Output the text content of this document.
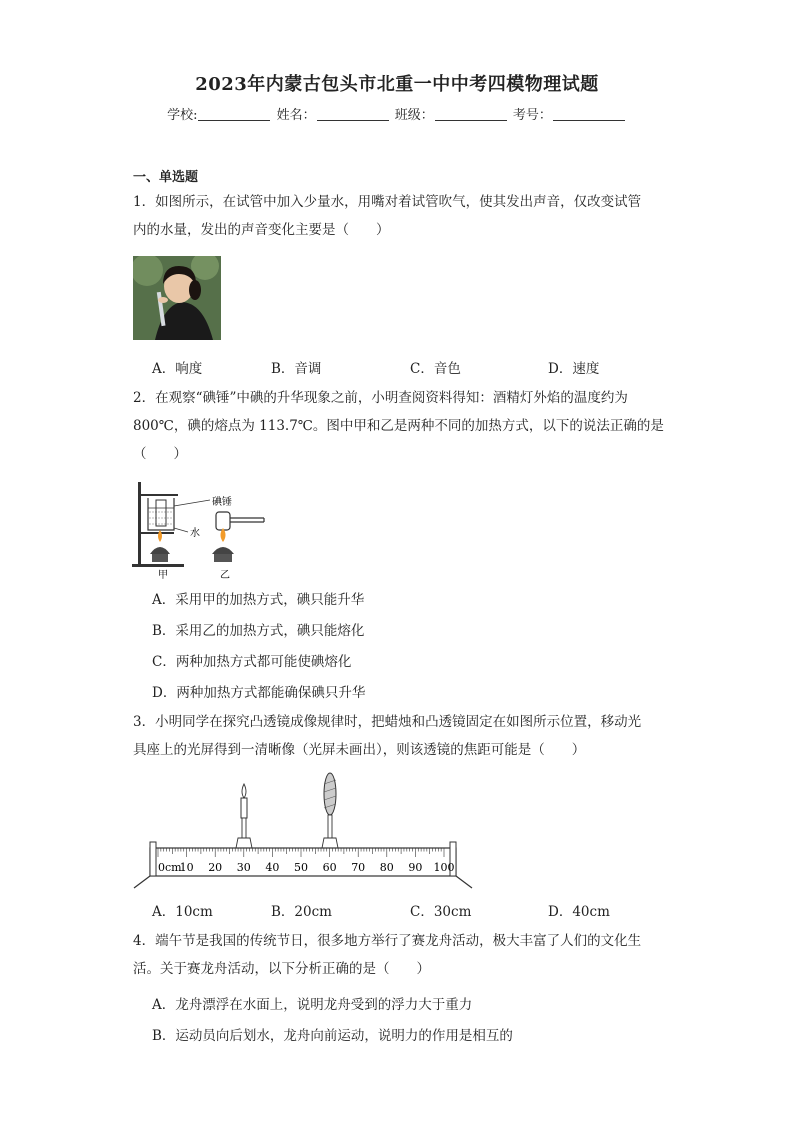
2023年内蒙古包头市北重一中中考四模物理试题
学校:	姓名：	班级：	考号：
一、单选题
1．如图所示，在试管中加入少量水，用嘴对着试管吹气，使其发出声音，仅改变试管
内的水量，发出的声音变化主要是（　　）
A．响度	B．音调	C．音色	D．速度
2．在观察“碘锤”中碘的升华现象之前，小明查阅资料得知：酒精灯外焰的温度约为
800℃，碘的熔点为 113.7℃。图中甲和乙是两种不同的加热方式，以下的说法正确的是
（　　）
碘锤
水
甲	乙
A．采用甲的加热方式，碘只能升华
B．采用乙的加热方式，碘只能熔化
C．两种加热方式都可能使碘熔化
D．两种加热方式都能确保碘只升华
3．小明同学在探究凸透镜成像规律时，把蜡烛和凸透镜固定在如图所示位置，移动光
具座上的光屏得到一清晰像（光屏未画出），则该透镜的焦距可能是（　　）
0cm
10 20 30 40 50 60 70 80 90 100
A．10cm	B．20cm	C．30cm	D．40cm
4．端午节是我国的传统节日，很多地方举行了赛龙舟活动，极大丰富了人们的文化生
活。关于赛龙舟活动，以下分析正确的是（　　）
A．龙舟漂浮在水面上，说明龙舟受到的浮力大于重力
B．运动员向后划水，龙舟向前运动，说明力的作用是相互的
